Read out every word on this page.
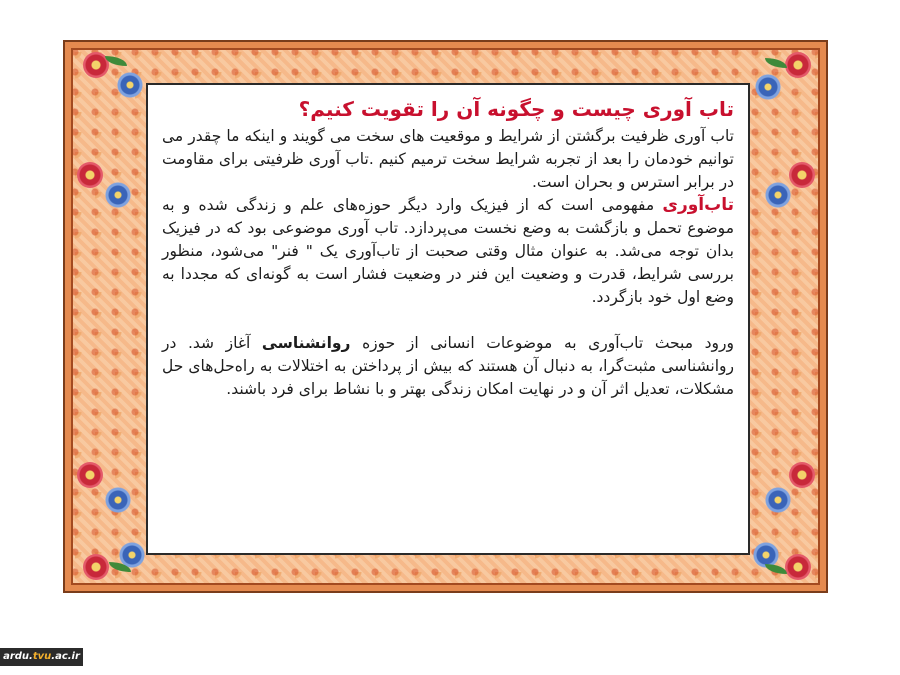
تاب آوری چیست و چگونه آن را تقویت کنیم؟

تاب آوری ظرفیت برگشتن از شرایط و موقعیت های سخت می گویند و اینکه ما چقدر می توانیم خودمان را بعد از تجربه شرایط سخت ترمیم کنیم .تاب آوری ظرفیتی برای مقاومت در برابر استرس و بحران است.

تاب‌آوری مفهومی است که از فیزیک وارد دیگر حوزه‌های علم و زندگی شده و به موضوع تحمل و بازگشت به وضع نخست می‌پردازد. تاب آوری موضوعی بود که در فیزیک بدان توجه می‌شد. به عنوان مثال وقتی صحبت از تاب‌آوری یک " فنر" می‌شود، منظور بررسی شرایط، قدرت و وضعیت این فنر در وضعیت فشار است به گونه‌ای که مجددا به وضع اول خود بازگردد.

ورود مبحث تاب‌آوری به موضوعات انسانی از حوزه روانشناسی آغاز شد. در روانشناسی مثبت‌گرا، به دنبال آن هستند که بیش از پرداختن به اختلالات به راه‌حل‌های حل مشکلات، تعدیل اثر آن و در نهایت امکان زندگی بهتر و با نشاط برای فرد باشند.

ardu.tvu.ac.ir
